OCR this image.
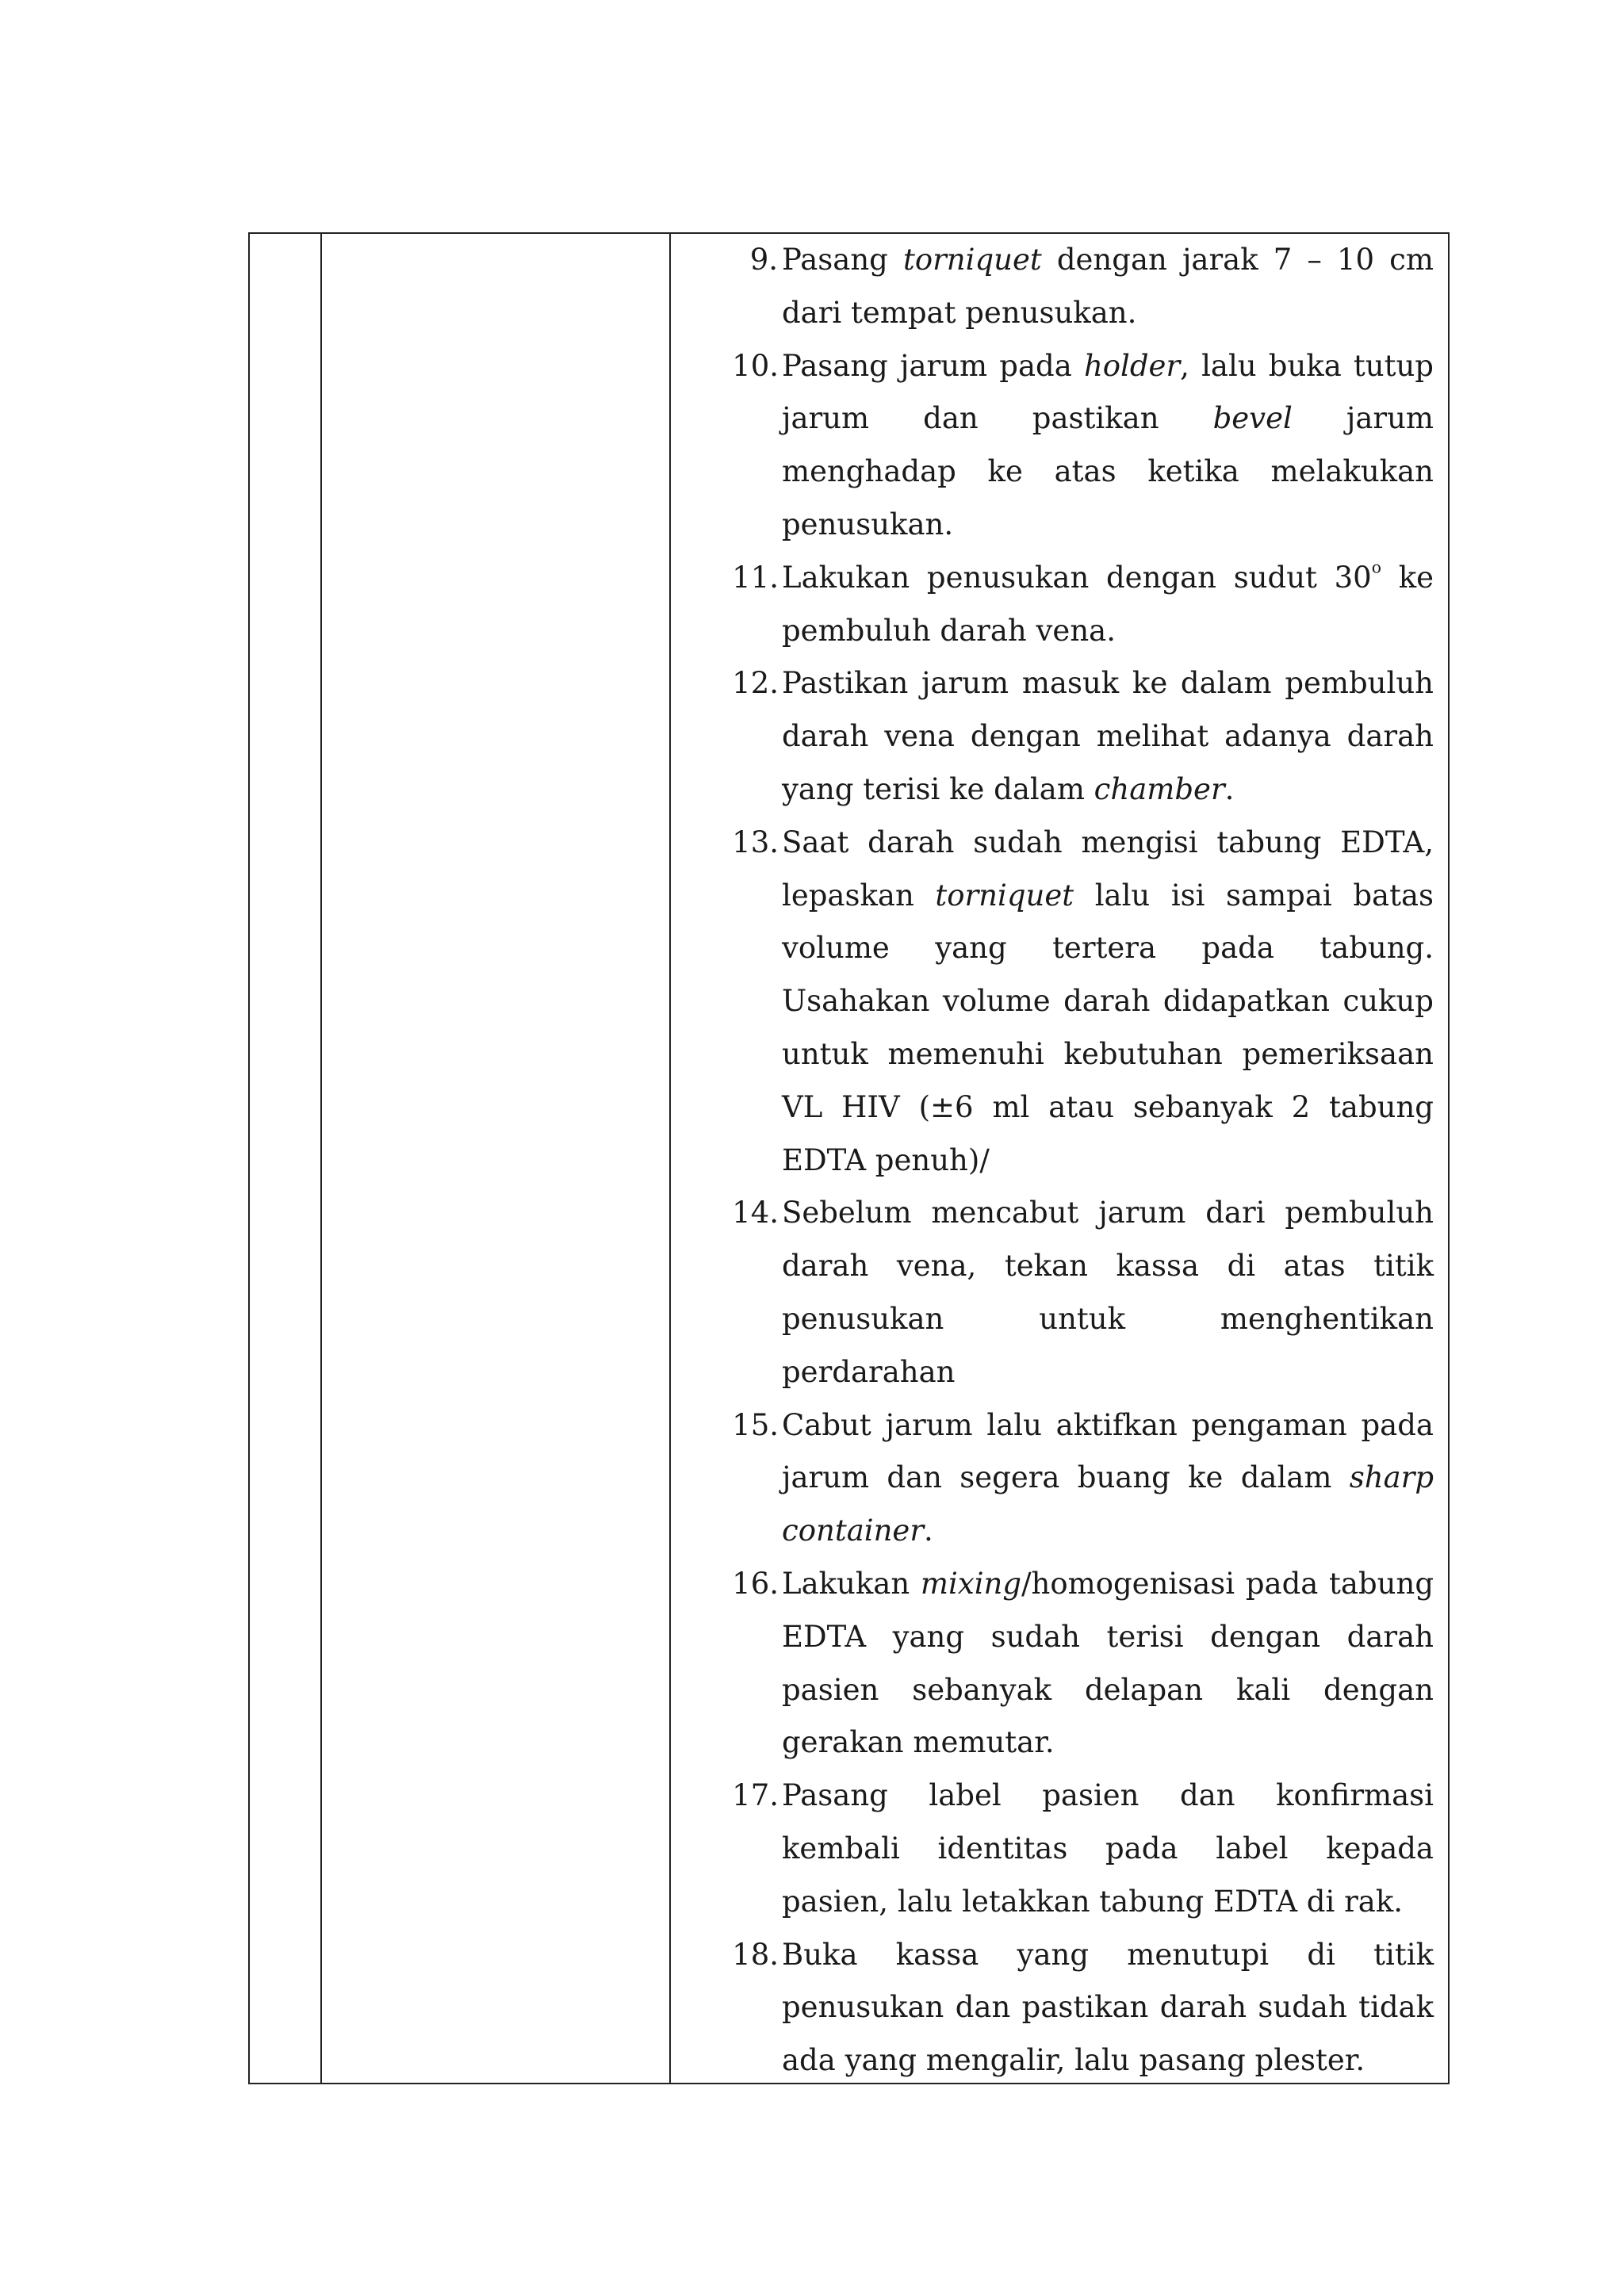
9. Pasang torniquet dengan jarak 7 – 10 cm dari tempat penusukan.
10. Pasang jarum pada holder, lalu buka tutup jarum dan pastikan bevel jarum menghadap ke atas ketika melakukan penusukan.
11. Lakukan penusukan dengan sudut 30$^o$ ke pembuluh darah vena.
12. Pastikan jarum masuk ke dalam pembuluh darah vena dengan melihat adanya darah yang terisi ke dalam chamber.
13. Saat darah sudah mengisi tabung EDTA, lepaskan torniquet lalu isi sampai batas volume yang tertera pada tabung. Usahakan volume darah didapatkan cukup untuk memenuhi kebutuhan pemeriksaan VL HIV (±6 ml atau sebanyak 2 tabung EDTA penuh)/
14. Sebelum mencabut jarum dari pembuluh darah vena, tekan kassa di atas titik penusukan untuk menghentikan perdarahan
15. Cabut jarum lalu aktifkan pengaman pada jarum dan segera buang ke dalam sharp container.
16. Lakukan mixing/homogenisasi pada tabung EDTA yang sudah terisi dengan darah pasien sebanyak delapan kali dengan gerakan memutar.
17. Pasang label pasien dan konfirmasi kembali identitas pada label kepada pasien, lalu letakkan tabung EDTA di rak.
18. Buka kassa yang menutupi di titik penusukan dan pastikan darah sudah tidak ada yang mengalir, lalu pasang plester.
